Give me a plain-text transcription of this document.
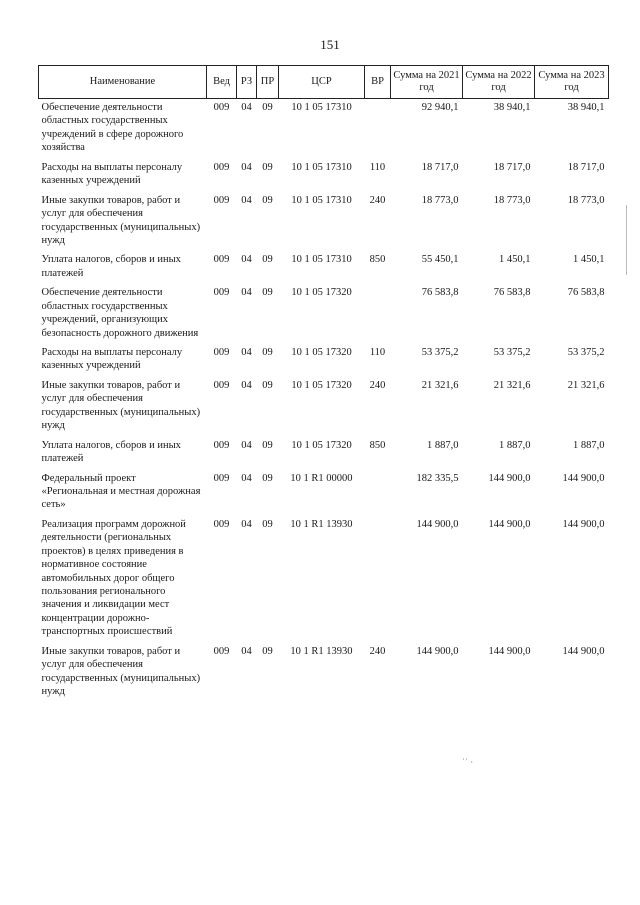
151
Наименование	Вед	РЗ	ПР	ЦСР	ВР	Сумма на 2021 год	Сумма на 2022 год	Сумма на 2023 год
Обеспечение деятельности областных государственных учреждений в сфере дорожного хозяйства	009	04	09	10 1 05 17310		92 940,1	38 940,1	38 940,1
Расходы на выплаты персоналу казенных учреждений	009	04	09	10 1 05 17310	110	18 717,0	18 717,0	18 717,0
Иные закупки товаров, работ и услуг для обеспечения государственных (муниципальных) нужд	009	04	09	10 1 05 17310	240	18 773,0	18 773,0	18 773,0
Уплата налогов, сборов и иных платежей	009	04	09	10 1 05 17310	850	55 450,1	1 450,1	1 450,1
Обеспечение деятельности областных государственных учреждений, организующих безопасность дорожного движения	009	04	09	10 1 05 17320		76 583,8	76 583,8	76 583,8
Расходы на выплаты персоналу казенных учреждений	009	04	09	10 1 05 17320	110	53 375,2	53 375,2	53 375,2
Иные закупки товаров, работ и услуг для обеспечения государственных (муниципальных) нужд	009	04	09	10 1 05 17320	240	21 321,6	21 321,6	21 321,6
Уплата налогов, сборов и иных платежей	009	04	09	10 1 05 17320	850	1 887,0	1 887,0	1 887,0
Федеральный проект «Региональная и местная дорожная сеть»	009	04	09	10 1 R1 00000		182 335,5	144 900,0	144 900,0
Реализация программ дорожной деятельности (региональных проектов) в целях приведения в нормативное состояние автомобильных дорог общего пользования регионального значения и ликвидации мест концентрации дорожно-транспортных происшествий	009	04	09	10 1 R1 13930		144 900,0	144 900,0	144 900,0
Иные закупки товаров, работ и услуг для обеспечения государственных (муниципальных) нужд	009	04	09	10 1 R1 13930	240	144 900,0	144 900,0	144 900,0
˙˙ ·
